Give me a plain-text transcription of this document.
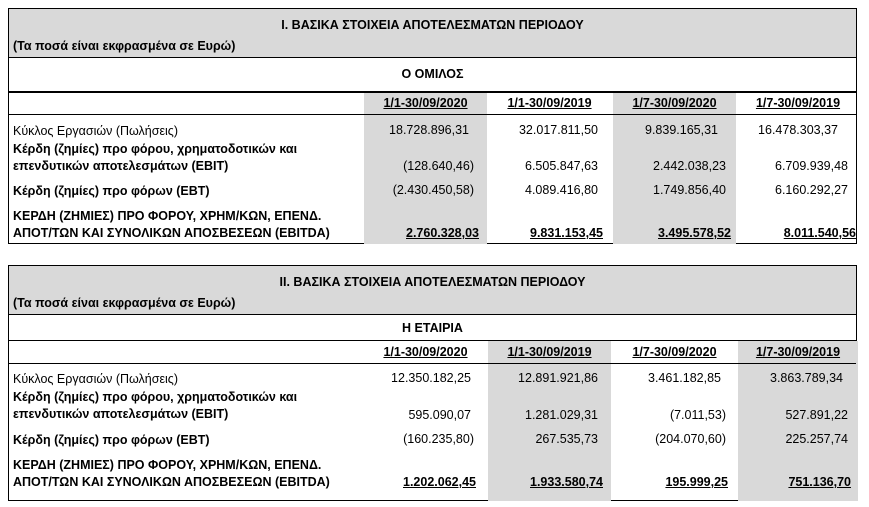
I. ΒΑΣΙΚΑ ΣΤΟΙΧΕΙΑ ΑΠΟΤΕΛΕΣΜΑΤΩΝ ΠΕΡΙΟΔΟΥ
(Τα ποσά είναι εκφρασμένα σε Ευρώ)
Ο ΟΜΙΛΟΣ
1/1-30/09/2020	1/1-30/09/2019	1/7-30/09/2020	1/7-30/09/2019
Κύκλος Εργασιών (Πωλήσεις)	18.728.896,31	32.017.811,50	9.839.165,31	16.478.303,37
Κέρδη (ζημίες) προ φόρου, χρηματοδοτικών και επενδυτικών αποτελεσμάτων (EBIT)	(128.640,46)	6.505.847,63	2.442.038,23	6.709.939,48
Κέρδη (ζημίες) προ φόρων (ΕΒΤ)	(2.430.450,58)	4.089.416,80	1.749.856,40	6.160.292,27
ΚΕΡΔΗ (ΖΗΜΙΕΣ) ΠΡΟ ΦΟΡΟΥ, ΧΡΗΜ/ΚΩΝ, ΕΠΕΝΔ. ΑΠΟΤ/ΤΩΝ ΚΑΙ ΣΥΝΟΛΙΚΩΝ ΑΠΟΣΒΕΣΕΩΝ (EBITDA)	2.760.328,03	9.831.153,45	3.495.578,52	8.011.540,56
ΙΙ. ΒΑΣΙΚΑ ΣΤΟΙΧΕΙΑ ΑΠΟΤΕΛΕΣΜΑΤΩΝ ΠΕΡΙΟΔΟΥ
(Τα ποσά είναι εκφρασμένα σε Ευρώ)
Η ΕΤΑΙΡΙΑ
1/1-30/09/2020	1/1-30/09/2019	1/7-30/09/2020	1/7-30/09/2019
Κύκλος Εργασιών (Πωλήσεις)	12.350.182,25	12.891.921,86	3.461.182,85	3.863.789,34
Κέρδη (ζημίες) προ φόρου, χρηματοδοτικών και επενδυτικών αποτελεσμάτων (EBIT)	595.090,07	1.281.029,31	(7.011,53)	527.891,22
Κέρδη (ζημίες) προ φόρων (ΕΒΤ)	(160.235,80)	267.535,73	(204.070,60)	225.257,74
ΚΕΡΔΗ (ΖΗΜΙΕΣ) ΠΡΟ ΦΟΡΟΥ, ΧΡΗΜ/ΚΩΝ, ΕΠΕΝΔ. ΑΠΟΤ/ΤΩΝ ΚΑΙ ΣΥΝΟΛΙΚΩΝ ΑΠΟΣΒΕΣΕΩΝ (EBITDA)	1.202.062,45	1.933.580,74	195.999,25	751.136,70
